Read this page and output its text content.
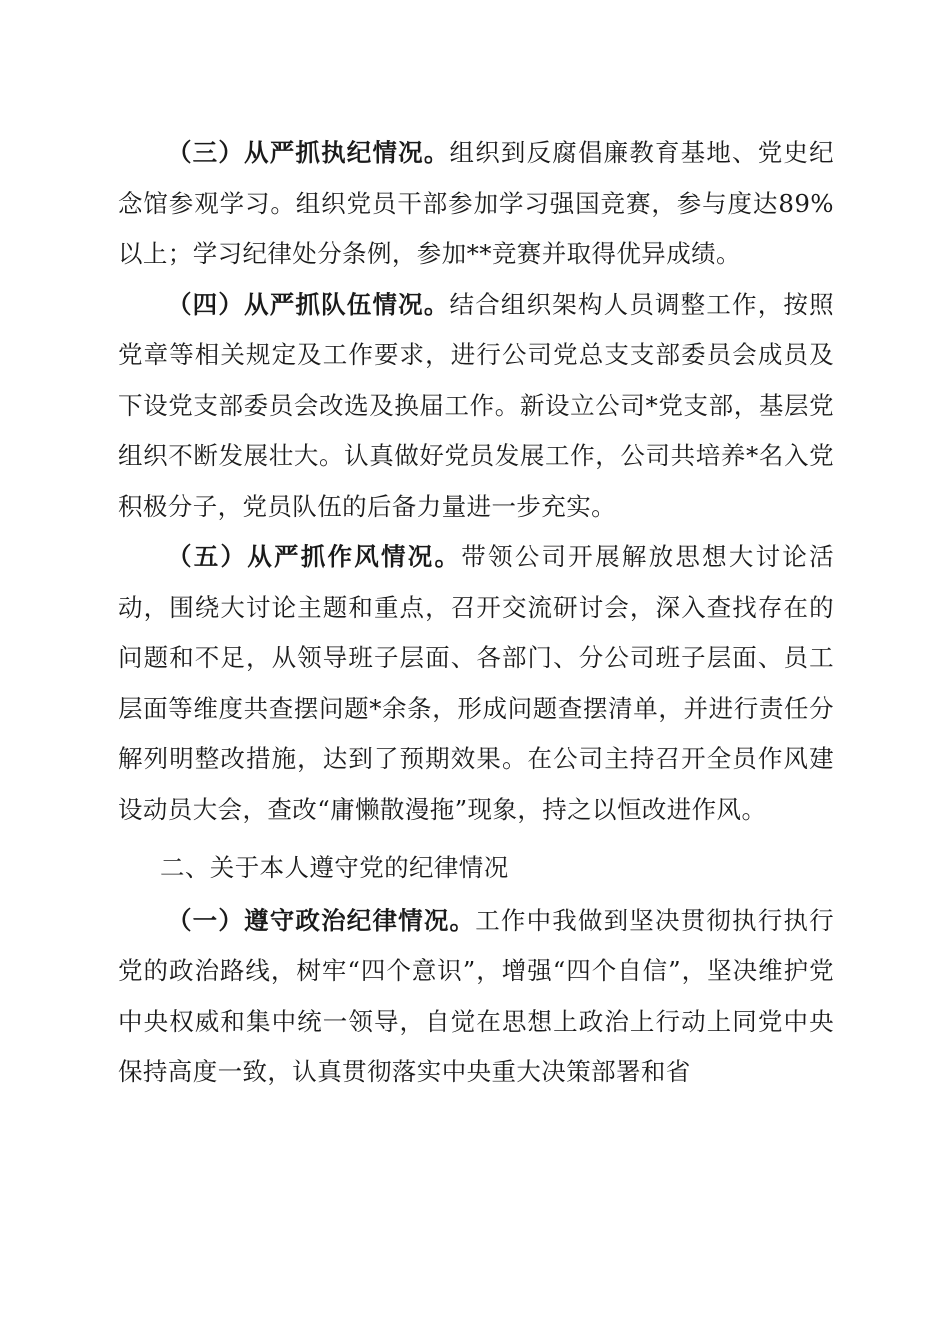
（三）从严抓执纪情况。组织到反腐倡廉教育基地、党史纪念馆参观学习。组织党员干部参加学习强国竞赛，参与度达89%以上；学习纪律处分条例，参加**竞赛并取得优异成绩。

（四）从严抓队伍情况。结合组织架构人员调整工作，按照党章等相关规定及工作要求，进行公司党总支支部委员会成员及下设党支部委员会改选及换届工作。新设立公司*党支部，基层党组织不断发展壮大。认真做好党员发展工作，公司共培养*名入党积极分子，党员队伍的后备力量进一步充实。

（五）从严抓作风情况。带领公司开展解放思想大讨论活动，围绕大讨论主题和重点，召开交流研讨会，深入查找存在的问题和不足，从领导班子层面、各部门、分公司班子层面、员工层面等维度共查摆问题*余条，形成问题查摆清单，并进行责任分解列明整改措施，达到了预期效果。在公司主持召开全员作风建设动员大会，查改“庸懒散漫拖”现象，持之以恒改进作风。

二、关于本人遵守党的纪律情况

（一）遵守政治纪律情况。工作中我做到坚决贯彻执行执行党的政治路线，树牢“四个意识”，增强“四个自信”，坚决维护党中央权威和集中统一领导，自觉在思想上政治上行动上同党中央保持高度一致，认真贯彻落实中央重大决策部署和省
